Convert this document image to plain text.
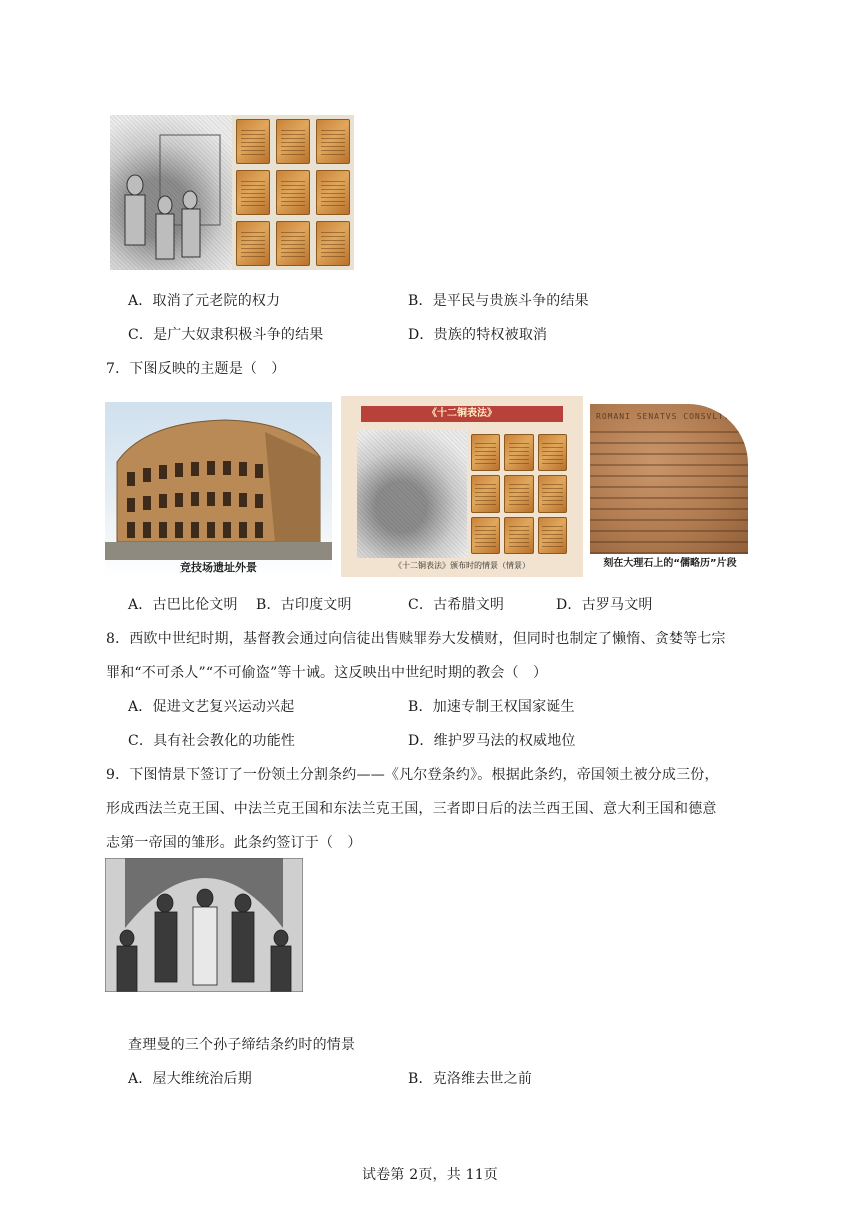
A．取消了元老院的权力	B．是平民与贵族斗争的结果
C．是广大奴隶积极斗争的结果	D．贵族的特权被取消
7．下图反映的主题是（　）
竞技场遗址外景
《十二铜表法》
《十二铜表法》颁布时的情景（情景）
ROMANI SENATVS CONSVLTVM
刻在大理石上的“儒略历”片段
A．古巴比伦文明 B．古印度文明	C．古希腊文明	D．古罗马文明
8．西欧中世纪时期，基督教会通过向信徒出售赎罪券大发横财，但同时也制定了懒惰、贪婪等七宗
罪和“不可杀人”“不可偷盗”等十诫。这反映出中世纪时期的教会（　）
A．促进文艺复兴运动兴起	B．加速专制王权国家诞生
C．具有社会教化的功能性	D．维护罗马法的权威地位
9．下图情景下签订了一份领土分割条约——《凡尔登条约》。根据此条约，帝国领土被分成三份，
形成西法兰克王国、中法兰克王国和东法兰克王国，三者即日后的法兰西王国、意大利王国和德意
志第一帝国的雏形。此条约签订于（　）
查理曼的三个孙子缔结条约时的情景
A．屋大维统治后期	B．克洛维去世之前
试卷第 2页，共 11页
